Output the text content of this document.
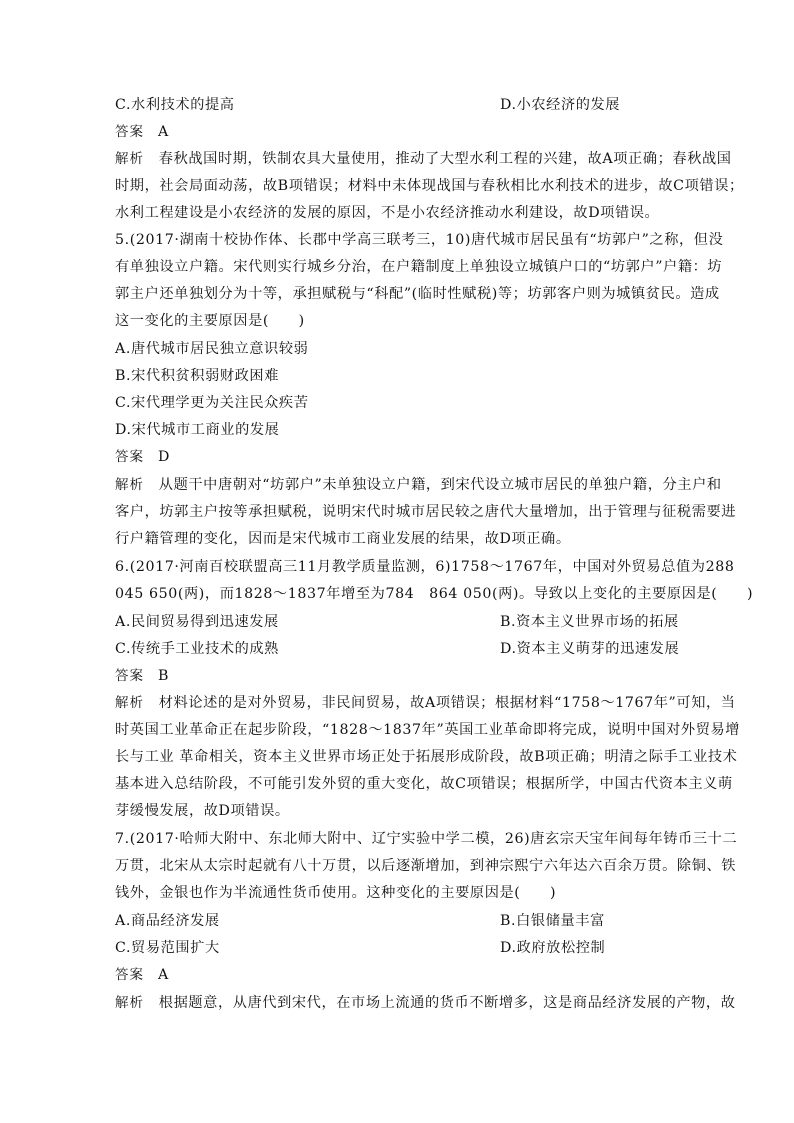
C.水利技术的提高	D.小农经济的发展
答案 A
解析　 春秋战国时期，铁制农具大量使用，推动了大型水利工程的兴建，故A项正确；春秋战国
时期，社会局面动荡，故B项错误；材料中未体现战国与春秋相比水利技术的进步，故C项错误；
水利工程建设是小农经济的发展的原因，不是小农经济推动水利建设，故D项错误。
5.(2017·湖南十校协作体、长郡中学高三联考三，10)唐代城市居民虽有“坊郭户”之称，但没
有单独设立户籍。宋代则实行城乡分治，在户籍制度上单独设立城镇户口的“坊郭户”户籍：坊
郭主户还单独划分为十等，承担赋税与“科配”(临时性赋税)等；坊郭客户则为城镇贫民。造成
这一变化的主要原因是(　　)
A.唐代城市居民独立意识较弱
B.宋代积贫积弱财政困难
C.宋代理学更为关注民众疾苦
D.宋代城市工商业的发展
答案 D
解析　 从题干中唐朝对“坊郭户”未单独设立户籍，到宋代设立城市居民的单独户籍，分主户和
客户，坊郭主户按等承担赋税，说明宋代时城市居民较之唐代大量增加，出于管理与征税需要进
行户籍管理的变化，因而是宋代城市工商业发展的结果，故D项正确。
6.(2017·河南百校联盟高三11月教学质量监测，6)1758～1767年，中国对外贸易总值为288
045 650(两)，而1828～1837年增至为784　864 050(两)。导致以上变化的主要原因是(　　)
A.民间贸易得到迅速发展	B.资本主义世界市场的拓展
C.传统手工业技术的成熟	D.资本主义萌芽的迅速发展
答案 B
解析　 材料论述的是对外贸易，非民间贸易，故A项错误；根据材料“1758～1767年”可知，当
时英国工业革命正在起步阶段，“1828～1837年”英国工业革命即将完成，说明中国对外贸易增
长与工业 革命相关，资本主义世界市场正处于拓展形成阶段，故B项正确；明清之际手工业技术
基本进入总结阶段，不可能引发外贸的重大变化，故C项错误；根据所学，中国古代资本主义萌
芽缓慢发展，故D项错误。
7.(2017·哈师大附中、东北师大附中、辽宁实验中学二模，26)唐玄宗天宝年间每年铸币三十二
万贯，北宋从太宗时起就有八十万贯，以后逐渐增加，到神宗熙宁六年达六百余万贯。除铜、铁
钱外，金银也作为半流通性货币使用。这种变化的主要原因是(　　)
A.商品经济发展	B.白银储量丰富
C.贸易范围扩大	D.政府放松控制
答案 A
解析　 根据题意，从唐代到宋代，在市场上流通的货币不断增多，这是商品经济发展的产物，故
